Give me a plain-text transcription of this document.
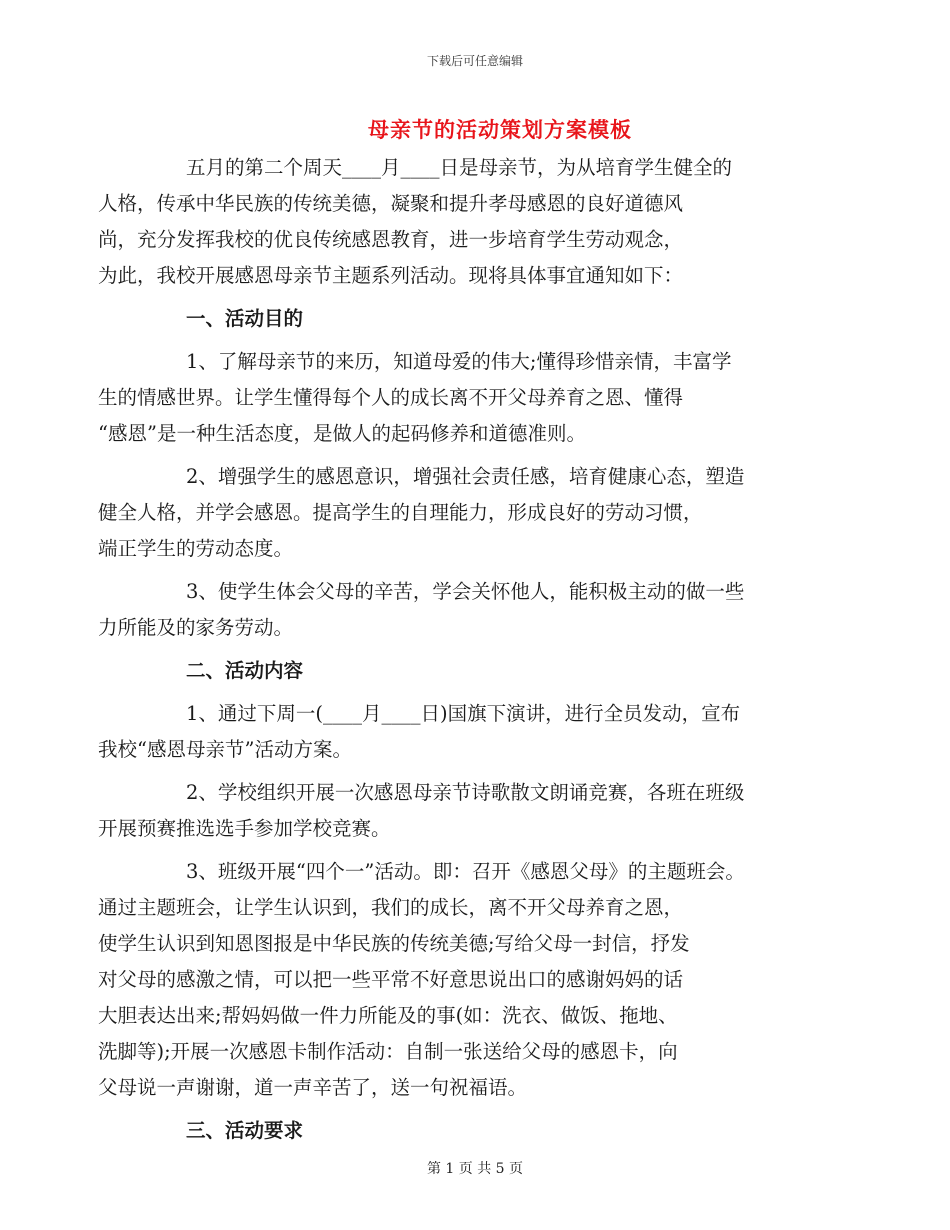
下载后可任意编辑
母亲节的活动策划方案模板
五月的第二个周天____月____日是母亲节，为从培育学生健全的
人格，传承中华民族的传统美德，凝聚和提升孝母感恩的良好道德风
尚，充分发挥我校的优良传统感恩教育，进一步培育学生劳动观念，
为此，我校开展感恩母亲节主题系列活动。现将具体事宜通知如下：
一、活动目的
1、了解母亲节的来历，知道母爱的伟大;懂得珍惜亲情，丰富学
生的情感世界。让学生懂得每个人的成长离不开父母养育之恩、懂得
“感恩”是一种生活态度，是做人的起码修养和道德准则。
2、增强学生的感恩意识，增强社会责任感，培育健康心态，塑造
健全人格，并学会感恩。提高学生的自理能力，形成良好的劳动习惯，
端正学生的劳动态度。
3、使学生体会父母的辛苦，学会关怀他人，能积极主动的做一些
力所能及的家务劳动。
二、活动内容
1、通过下周一(____月____日)国旗下演讲，进行全员发动，宣布
我校“感恩母亲节”活动方案。
2、学校组织开展一次感恩母亲节诗歌散文朗诵竞赛，各班在班级
开展预赛推选选手参加学校竞赛。
3、班级开展“四个一”活动。即：召开《感恩父母》的主题班会。
通过主题班会，让学生认识到，我们的成长，离不开父母养育之恩，
使学生认识到知恩图报是中华民族的传统美德;写给父母一封信，抒发
对父母的感激之情，可以把一些平常不好意思说出口的感谢妈妈的话
大胆表达出来;帮妈妈做一件力所能及的事(如：洗衣、做饭、拖地、
洗脚等);开展一次感恩卡制作活动：自制一张送给父母的感恩卡，向
父母说一声谢谢，道一声辛苦了，送一句祝福语。
三、活动要求
第 1 页 共 5 页
